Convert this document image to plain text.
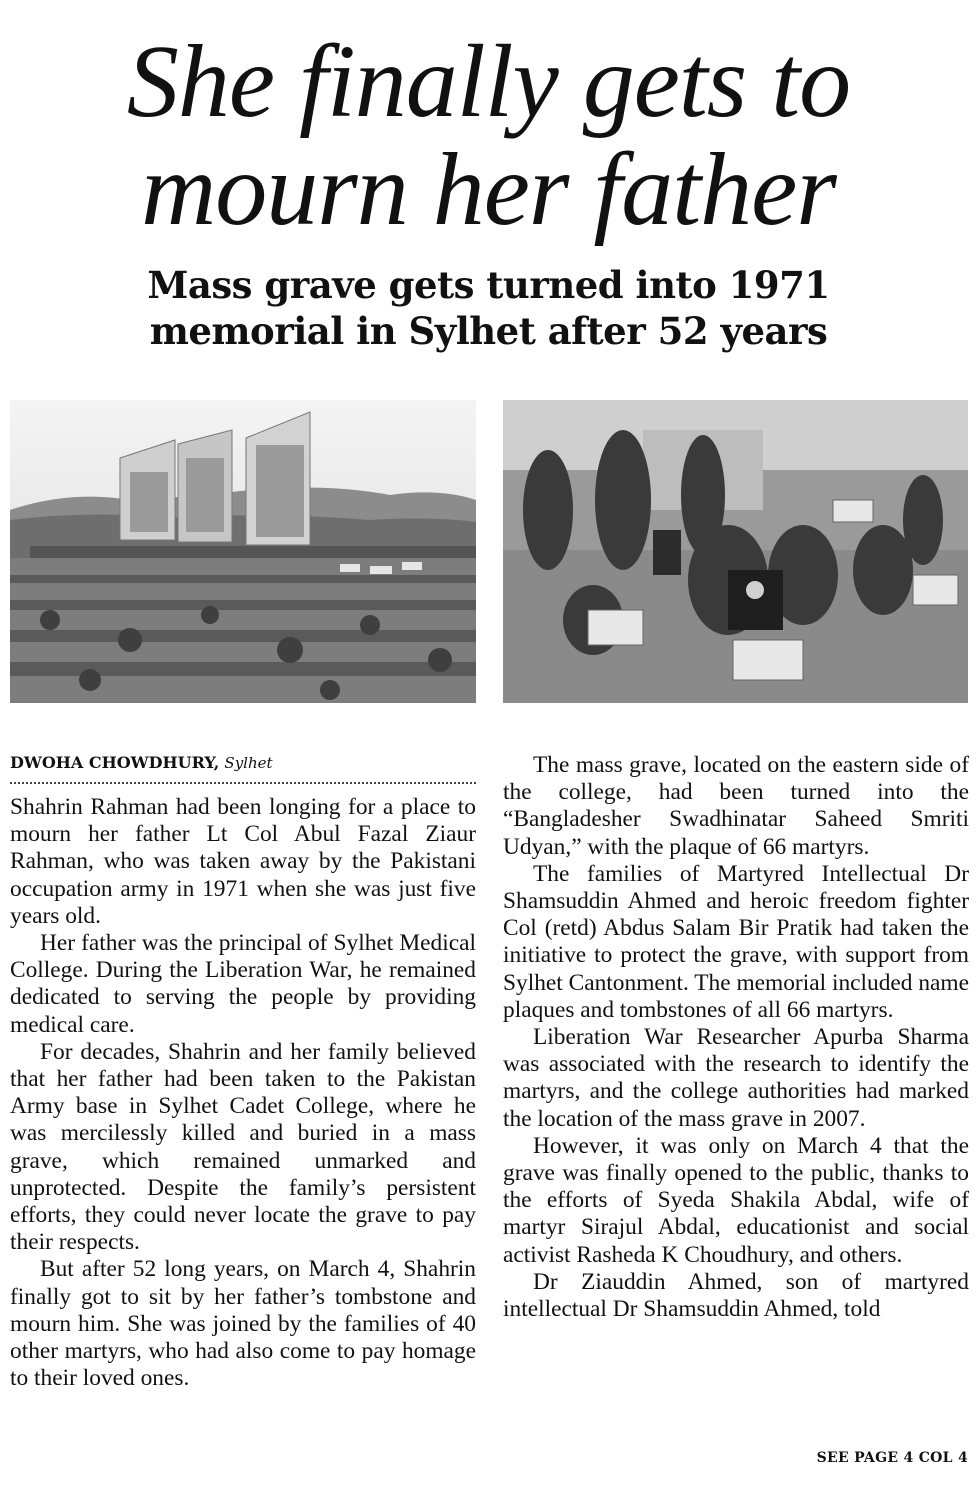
She finally gets to
mourn her father
Mass grave gets turned into 1971
memorial in Sylhet after 52 years
DWOHA CHOWDHURY, Sylhet

Shahrin Rahman had been longing for a place to mourn her father Lt Col Abul Fazal Ziaur Rahman, who was taken away by the Pakistani occupation army in 1971 when she was just five years old.

Her father was the principal of Sylhet Medical College. During the Liberation War, he remained dedicated to serving the people by providing medical care.

For decades, Shahrin and her family believed that her father had been taken to the Pakistan Army base in Sylhet Cadet College, where he was mercilessly killed and buried in a mass grave, which remained unmarked and unprotected. Despite the family’s persistent efforts, they could never locate the grave to pay their respects.

But after 52 long years, on March 4, Shahrin finally got to sit by her father’s tombstone and mourn him. She was joined by the families of 40 other martyrs, who had also come to pay homage to their loved ones.

The mass grave, located on the eastern side of the college, had been turned into the “Bangladesher Swadhinatar Saheed Smriti Udyan,” with the plaque of 66 martyrs.

The families of Martyred Intellectual Dr Shamsuddin Ahmed and heroic freedom fighter Col (retd) Abdus Salam Bir Pratik had taken the initiative to protect the grave, with support from Sylhet Cantonment. The memorial included name plaques and tombstones of all 66 martyrs.

Liberation War Researcher Apurba Sharma was associated with the research to identify the martyrs, and the college authorities had marked the location of the mass grave in 2007.

However, it was only on March 4 that the grave was finally opened to the public, thanks to the efforts of Syeda Shakila Abdal, wife of martyr Sirajul Abdal, educationist and social activist Rasheda K Choudhury, and others.

Dr Ziauddin Ahmed, son of martyred intellectual Dr Shamsuddin Ahmed, told

SEE PAGE 4 COL 4
